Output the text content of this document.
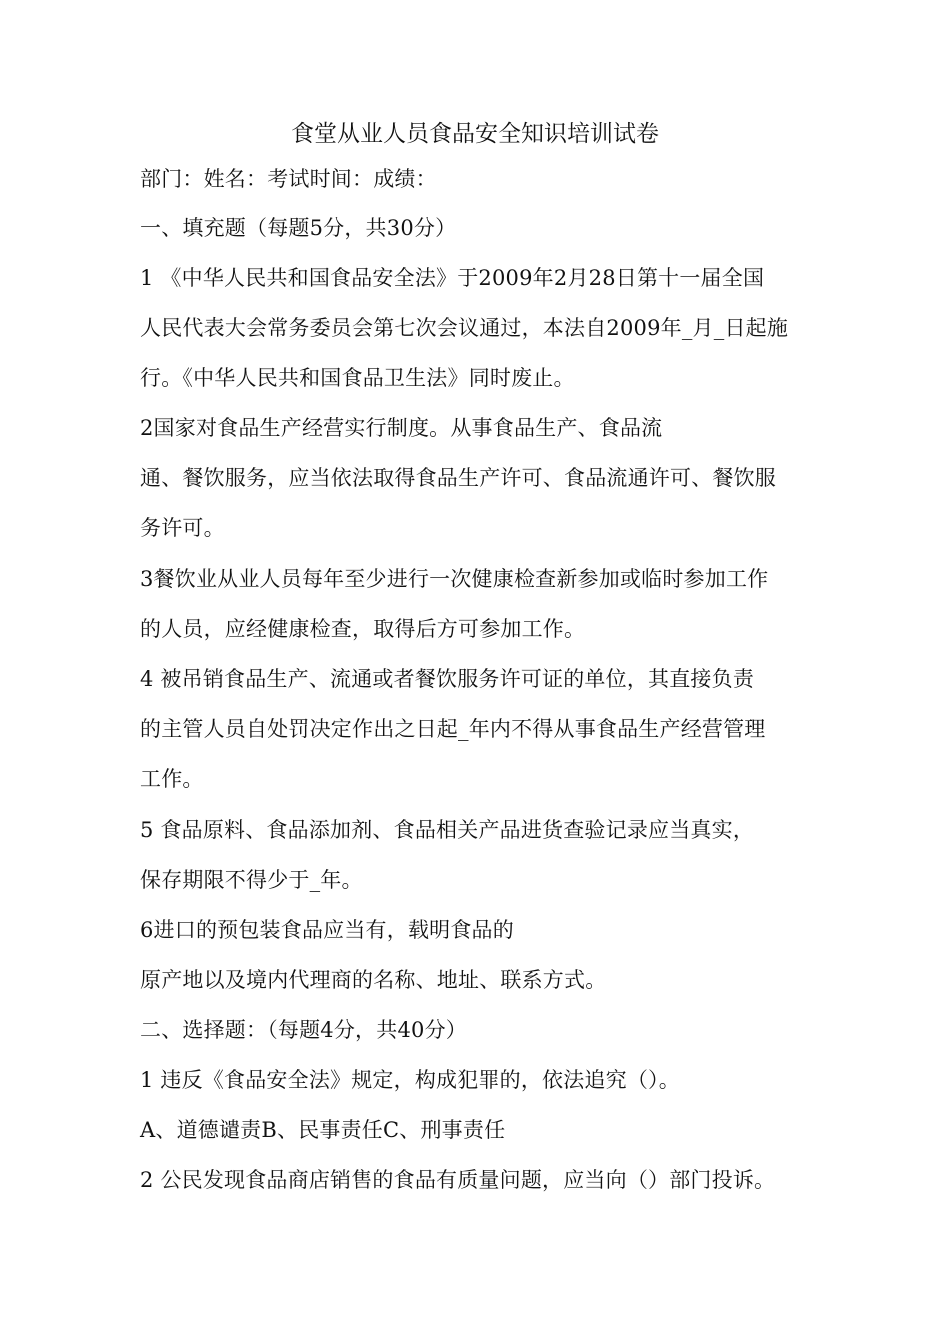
食堂从业人员食品安全知识培训试卷
部门：姓名：考试时间：成绩：
一、填充题（每题5分，共30分）
1 《中华人民共和国食品安全法》于2009年2月28日第十一届全国
人民代表大会常务委员会第七次会议通过，本法自2009年_月_日起施
行。《中华人民共和国食品卫生法》同时废止。
2国家对食品生产经营实行制度。从事食品生产、食品流
通、餐饮服务，应当依法取得食品生产许可、食品流通许可、餐饮服
务许可。
3餐饮业从业人员每年至少进行一次健康检查新参加或临时参加工作
的人员，应经健康检查，取得后方可参加工作。
4 被吊销食品生产、流通或者餐饮服务许可证的单位，其直接负责
的主管人员自处罚决定作出之日起_年内不得从事食品生产经营管理
工作。
5 食品原料、食品添加剂、食品相关产品进货查验记录应当真实，
保存期限不得少于_年。
6进口的预包装食品应当有，载明食品的
原产地以及境内代理商的名称、地址、联系方式。
二、选择题：（每题4分，共40分）
1 违反《食品安全法》规定，构成犯罪的，依法追究（）。
A、道德谴责B、民事责任C、刑事责任
2 公民发现食品商店销售的食品有质量问题，应当向（）部门投诉。
